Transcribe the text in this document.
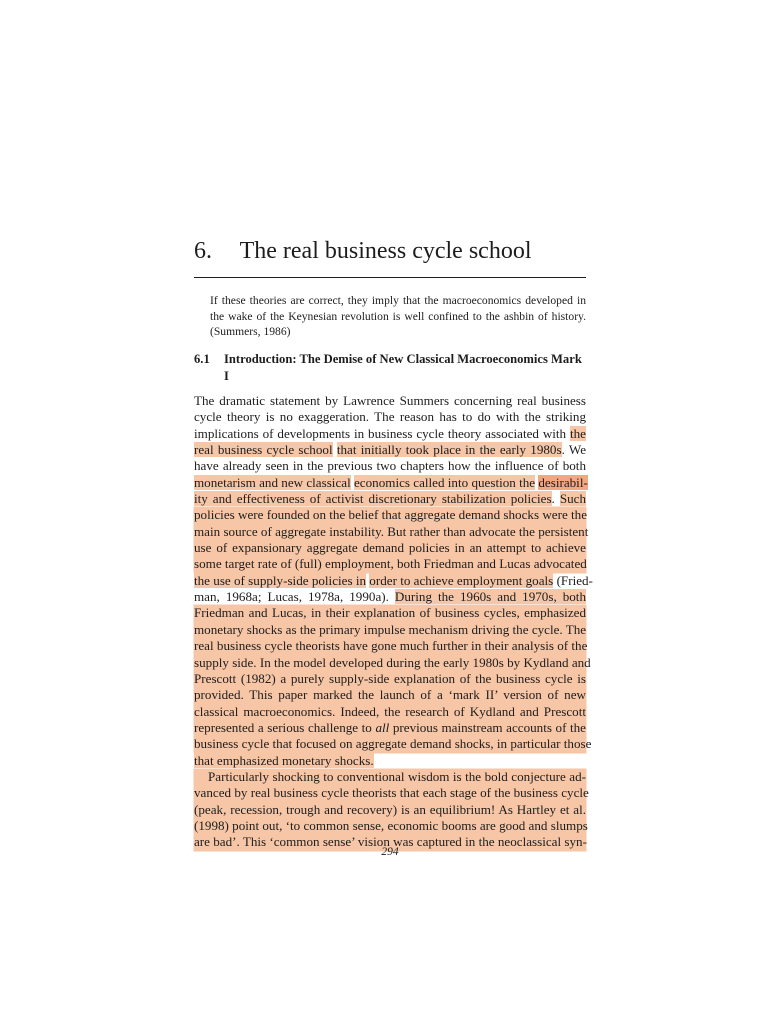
6. The real business cycle school
If these theories are correct, they imply that the macroeconomics developed in the wake of the Keynesian revolution is well confined to the ashbin of history. (Summers, 1986)
6.1 Introduction: The Demise of New Classical Macroeconomics Mark I
The dramatic statement by Lawrence Summers concerning real business
cycle theory is no exaggeration. The reason has to do with the striking
implications of developments in business cycle theory associated with the
real business cycle school that initially took place in the early 1980s. We
have already seen in the previous two chapters how the influence of both
monetarism and new classical economics called into question the desirabil-
ity and effectiveness of activist discretionary stabilization policies. Such
policies were founded on the belief that aggregate demand shocks were the
main source of aggregate instability. But rather than advocate the persistent
use of expansionary aggregate demand policies in an attempt to achieve
some target rate of (full) employment, both Friedman and Lucas advocated
the use of supply-side policies in order to achieve employment goals (Fried-
man, 1968a; Lucas, 1978a, 1990a). During the 1960s and 1970s, both
Friedman and Lucas, in their explanation of business cycles, emphasized
monetary shocks as the primary impulse mechanism driving the cycle. The
real business cycle theorists have gone much further in their analysis of the
supply side. In the model developed during the early 1980s by Kydland and
Prescott (1982) a purely supply-side explanation of the business cycle is
provided. This paper marked the launch of a ‘mark II’ version of new
classical macroeconomics. Indeed, the research of Kydland and Prescott
represented a serious challenge to all previous mainstream accounts of the
business cycle that focused on aggregate demand shocks, in particular those
that emphasized monetary shocks.
Particularly shocking to conventional wisdom is the bold conjecture ad-
vanced by real business cycle theorists that each stage of the business cycle
(peak, recession, trough and recovery) is an equilibrium! As Hartley et al.
(1998) point out, ‘to common sense, economic booms are good and slumps
are bad’. This ‘common sense’ vision was captured in the neoclassical syn-
294
